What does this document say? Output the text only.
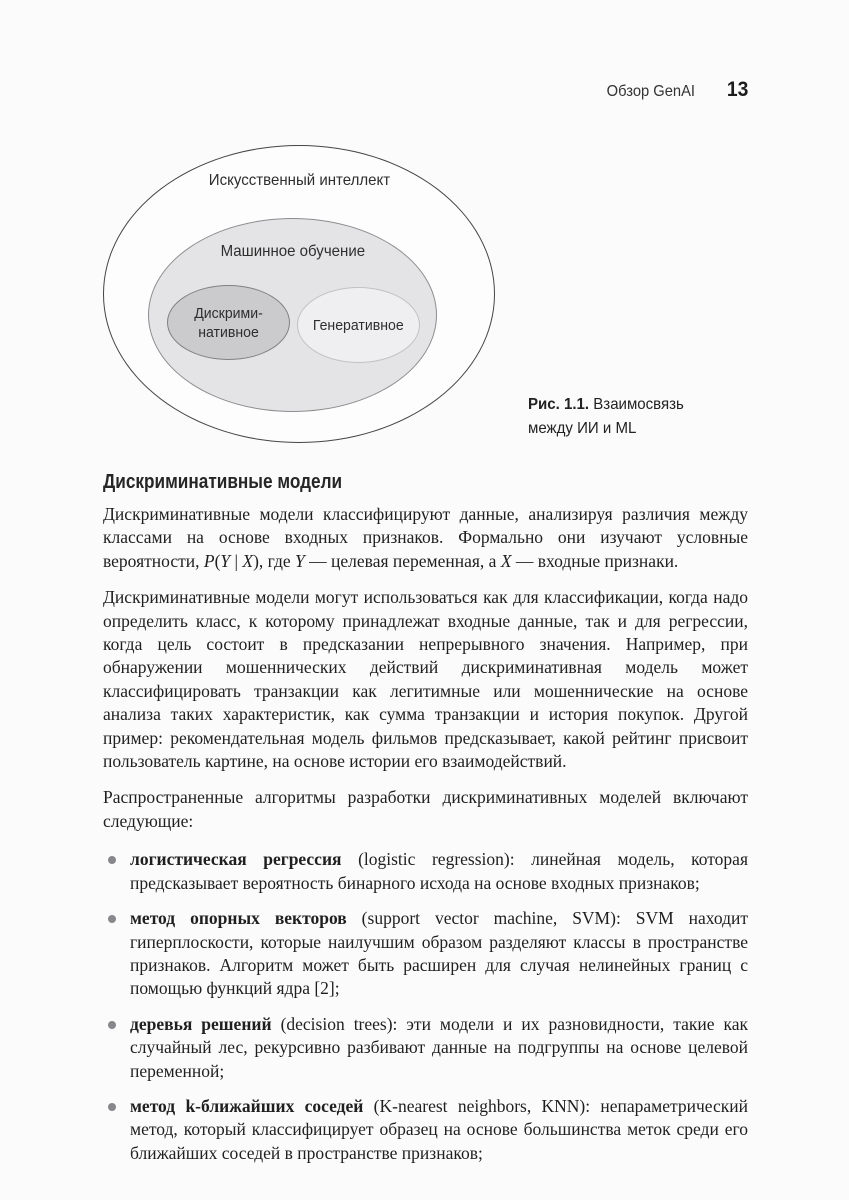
Обзор GenAI 13
Искусственный интеллект
Машинное обучение
Дискрими-
нативное	Генеративное
Рис. 1.1. Взаимосвязь
между ИИ и ML
Дискриминативные модели

Дискриминативные модели классифицируют данные, анализируя различия между классами на основе входных признаков. Формально они изучают условные вероятности, P(Y | X), где Y — целевая переменная, а X — входные признаки.

Дискриминативные модели могут использоваться как для классификации, когда надо определить класс, к которому принадлежат входные данные, так и для регрессии, когда цель состоит в предсказании непрерывного значения. Например, при обнаружении мошеннических действий дискриминативная модель может классифицировать транзакции как легитимные или мошеннические на основе анализа таких характеристик, как сумма транзакции и история покупок. Другой пример: рекомендательная модель фильмов предсказывает, какой рейтинг присвоит пользователь картине, на основе истории его взаимодействий.

Распространенные алгоритмы разработки дискриминативных моделей включают следующие:

логистическая регрессия (logistic regression): линейная модель, которая предсказывает вероятность бинарного исхода на основе входных признаков;
метод опорных векторов (support vector machine, SVM): SVM находит гиперплоскости, которые наилучшим образом разделяют классы в пространстве признаков. Алгоритм может быть расширен для случая нелинейных границ с помощью функций ядра [2];
деревья решений (decision trees): эти модели и их разновидности, такие как случайный лес, рекурсивно разбивают данные на подгруппы на основе целевой переменной;
метод k-ближайших соседей (K-nearest neighbors, KNN): непараметрический метод, который классифицирует образец на основе большинства меток среди его ближайших соседей в пространстве признаков;
